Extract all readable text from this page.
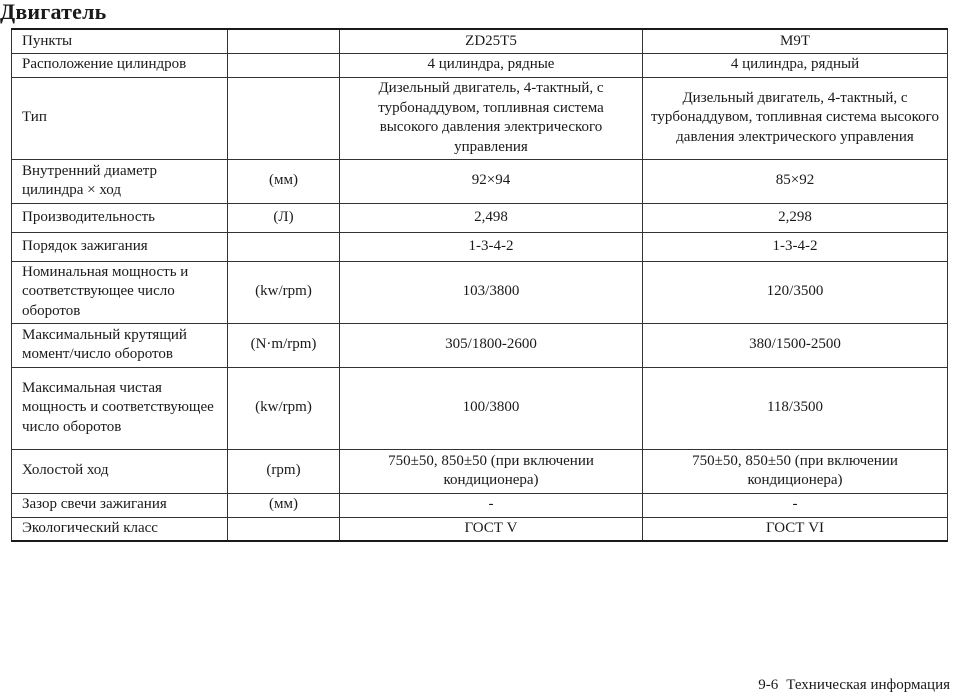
Двигатель
Пункты		ZD25T5	M9T
Расположение цилиндров		4 цилиндра, рядные	4 цилиндра, рядный
Тип		Дизельный двигатель, 4-тактный, с турбонаддувом, топливная система высокого давления электрического управления	Дизельный двигатель, 4-тактный, с турбонаддувом, топливная система высокого давления электрического управления
Внутренний диаметр цилиндра × ход	(мм)	92×94	85×92
Производительность	(Л)	2,498	2,298
Порядок зажигания		1-3-4-2	1-3-4-2
Номинальная мощность и соответствующее число оборотов	(kw/rpm)	103/3800	120/3500
Максимальный крутящий момент/число оборотов	(N·m/rpm)	305/1800-2600	380/1500-2500
Максимальная чистая мощность и соответствующее число оборотов	(kw/rpm)	100/3800	118/3500
Холостой ход	(rpm)	750±50, 850±50 (при включении кондиционера)	750±50, 850±50 (при включении кондиционера)
Зазор свечи зажигания	(мм)	-	-
Экологический класс		ГОСТ V	ГОСТ VI
9-6 Техническая информация
